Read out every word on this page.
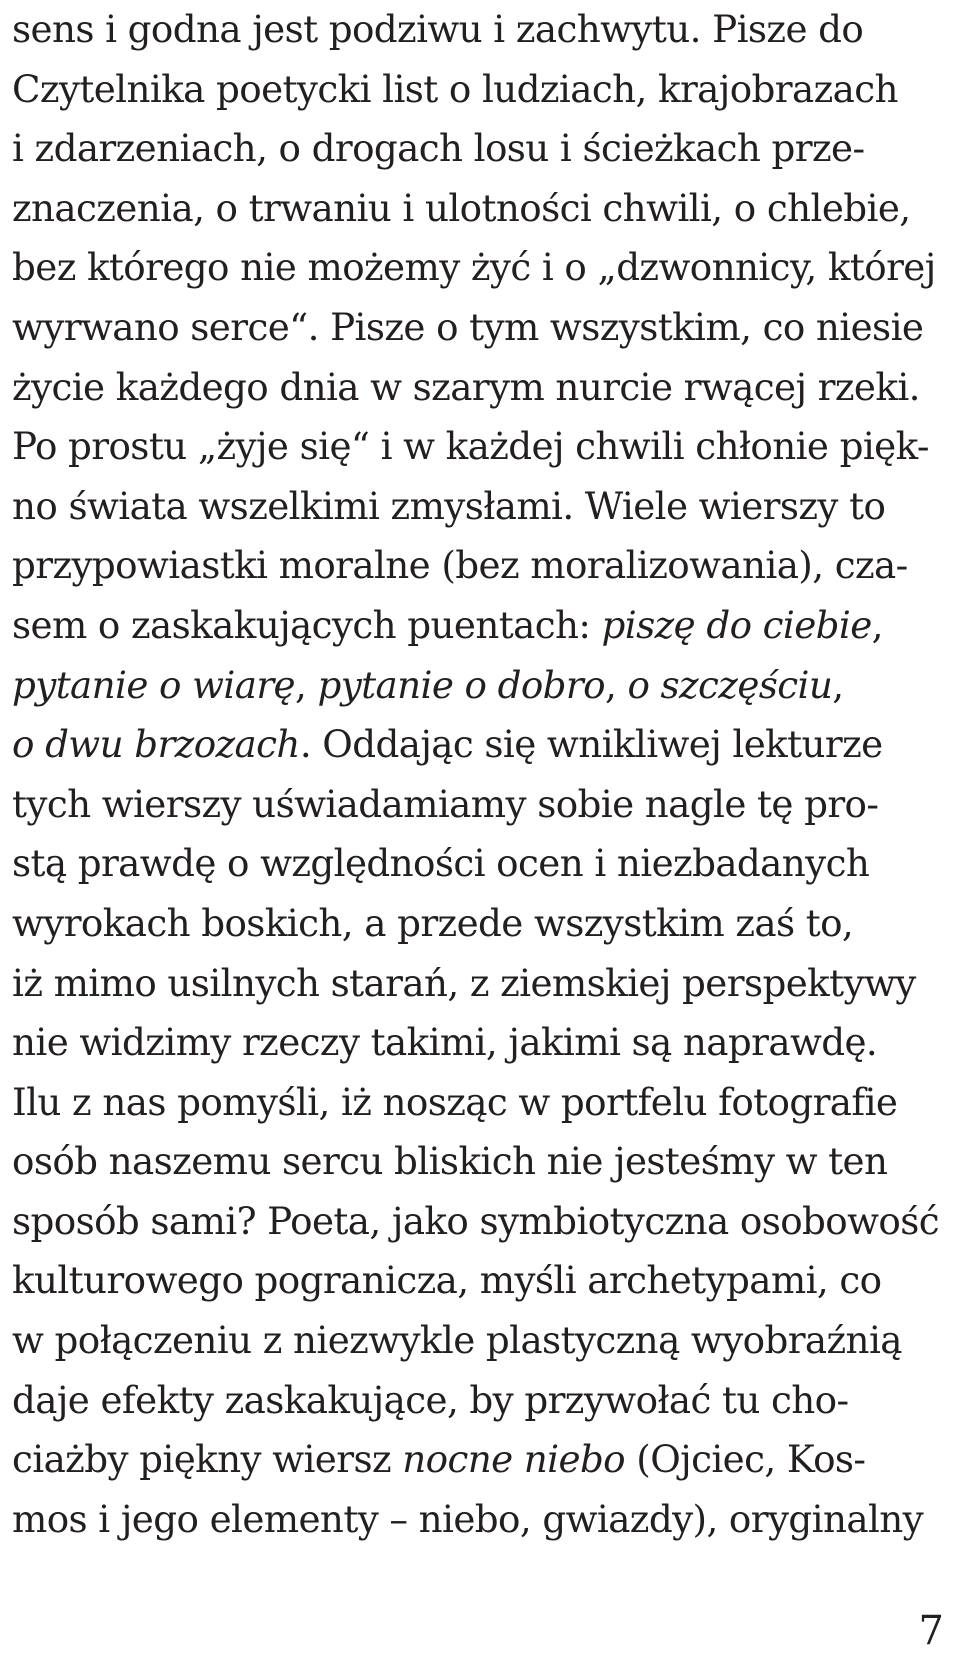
sens i godna jest podziwu i zachwytu. Pisze do
Czytelnika poetycki list o ludziach, krajobrazach
i zdarzeniach, o drogach losu i ścieżkach prze-
znaczenia, o trwaniu i ulotności chwili, o chlebie,
bez którego nie możemy żyć i o „dzwonnicy, której
wyrwano serce“. Pisze o tym wszystkim, co niesie
życie każdego dnia w szarym nurcie rwącej rzeki.
Po prostu „żyje się“ i w każdej chwili chłonie pięk-
no świata wszelkimi zmysłami. Wiele wierszy to
przypowiastki moralne (bez moralizowania), cza-
sem o zaskakujących puentach: piszę do ciebie,
pytanie o wiarę, pytanie o dobro, o szczęściu,
o dwu brzozach. Oddając się wnikliwej lekturze
tych wierszy uświadamiamy sobie nagle tę pro-
stą prawdę o względności ocen i niezbadanych
wyrokach boskich, a przede wszystkim zaś to,
iż mimo usilnych starań, z ziemskiej perspektywy
nie widzimy rzeczy takimi, jakimi są naprawdę.
Ilu z nas pomyśli, iż nosząc w portfelu fotografie
osób naszemu sercu bliskich nie jesteśmy w ten
sposób sami? Poeta, jako symbiotyczna osobowość
kulturowego pogranicza, myśli archetypami, co
w połączeniu z niezwykle plastyczną wyobraźnią
daje efekty zaskakujące, by przywołać tu cho-
ciażby piękny wiersz nocne niebo (Ojciec, Kos-
mos i jego elementy – niebo, gwiazdy), oryginalny
7
